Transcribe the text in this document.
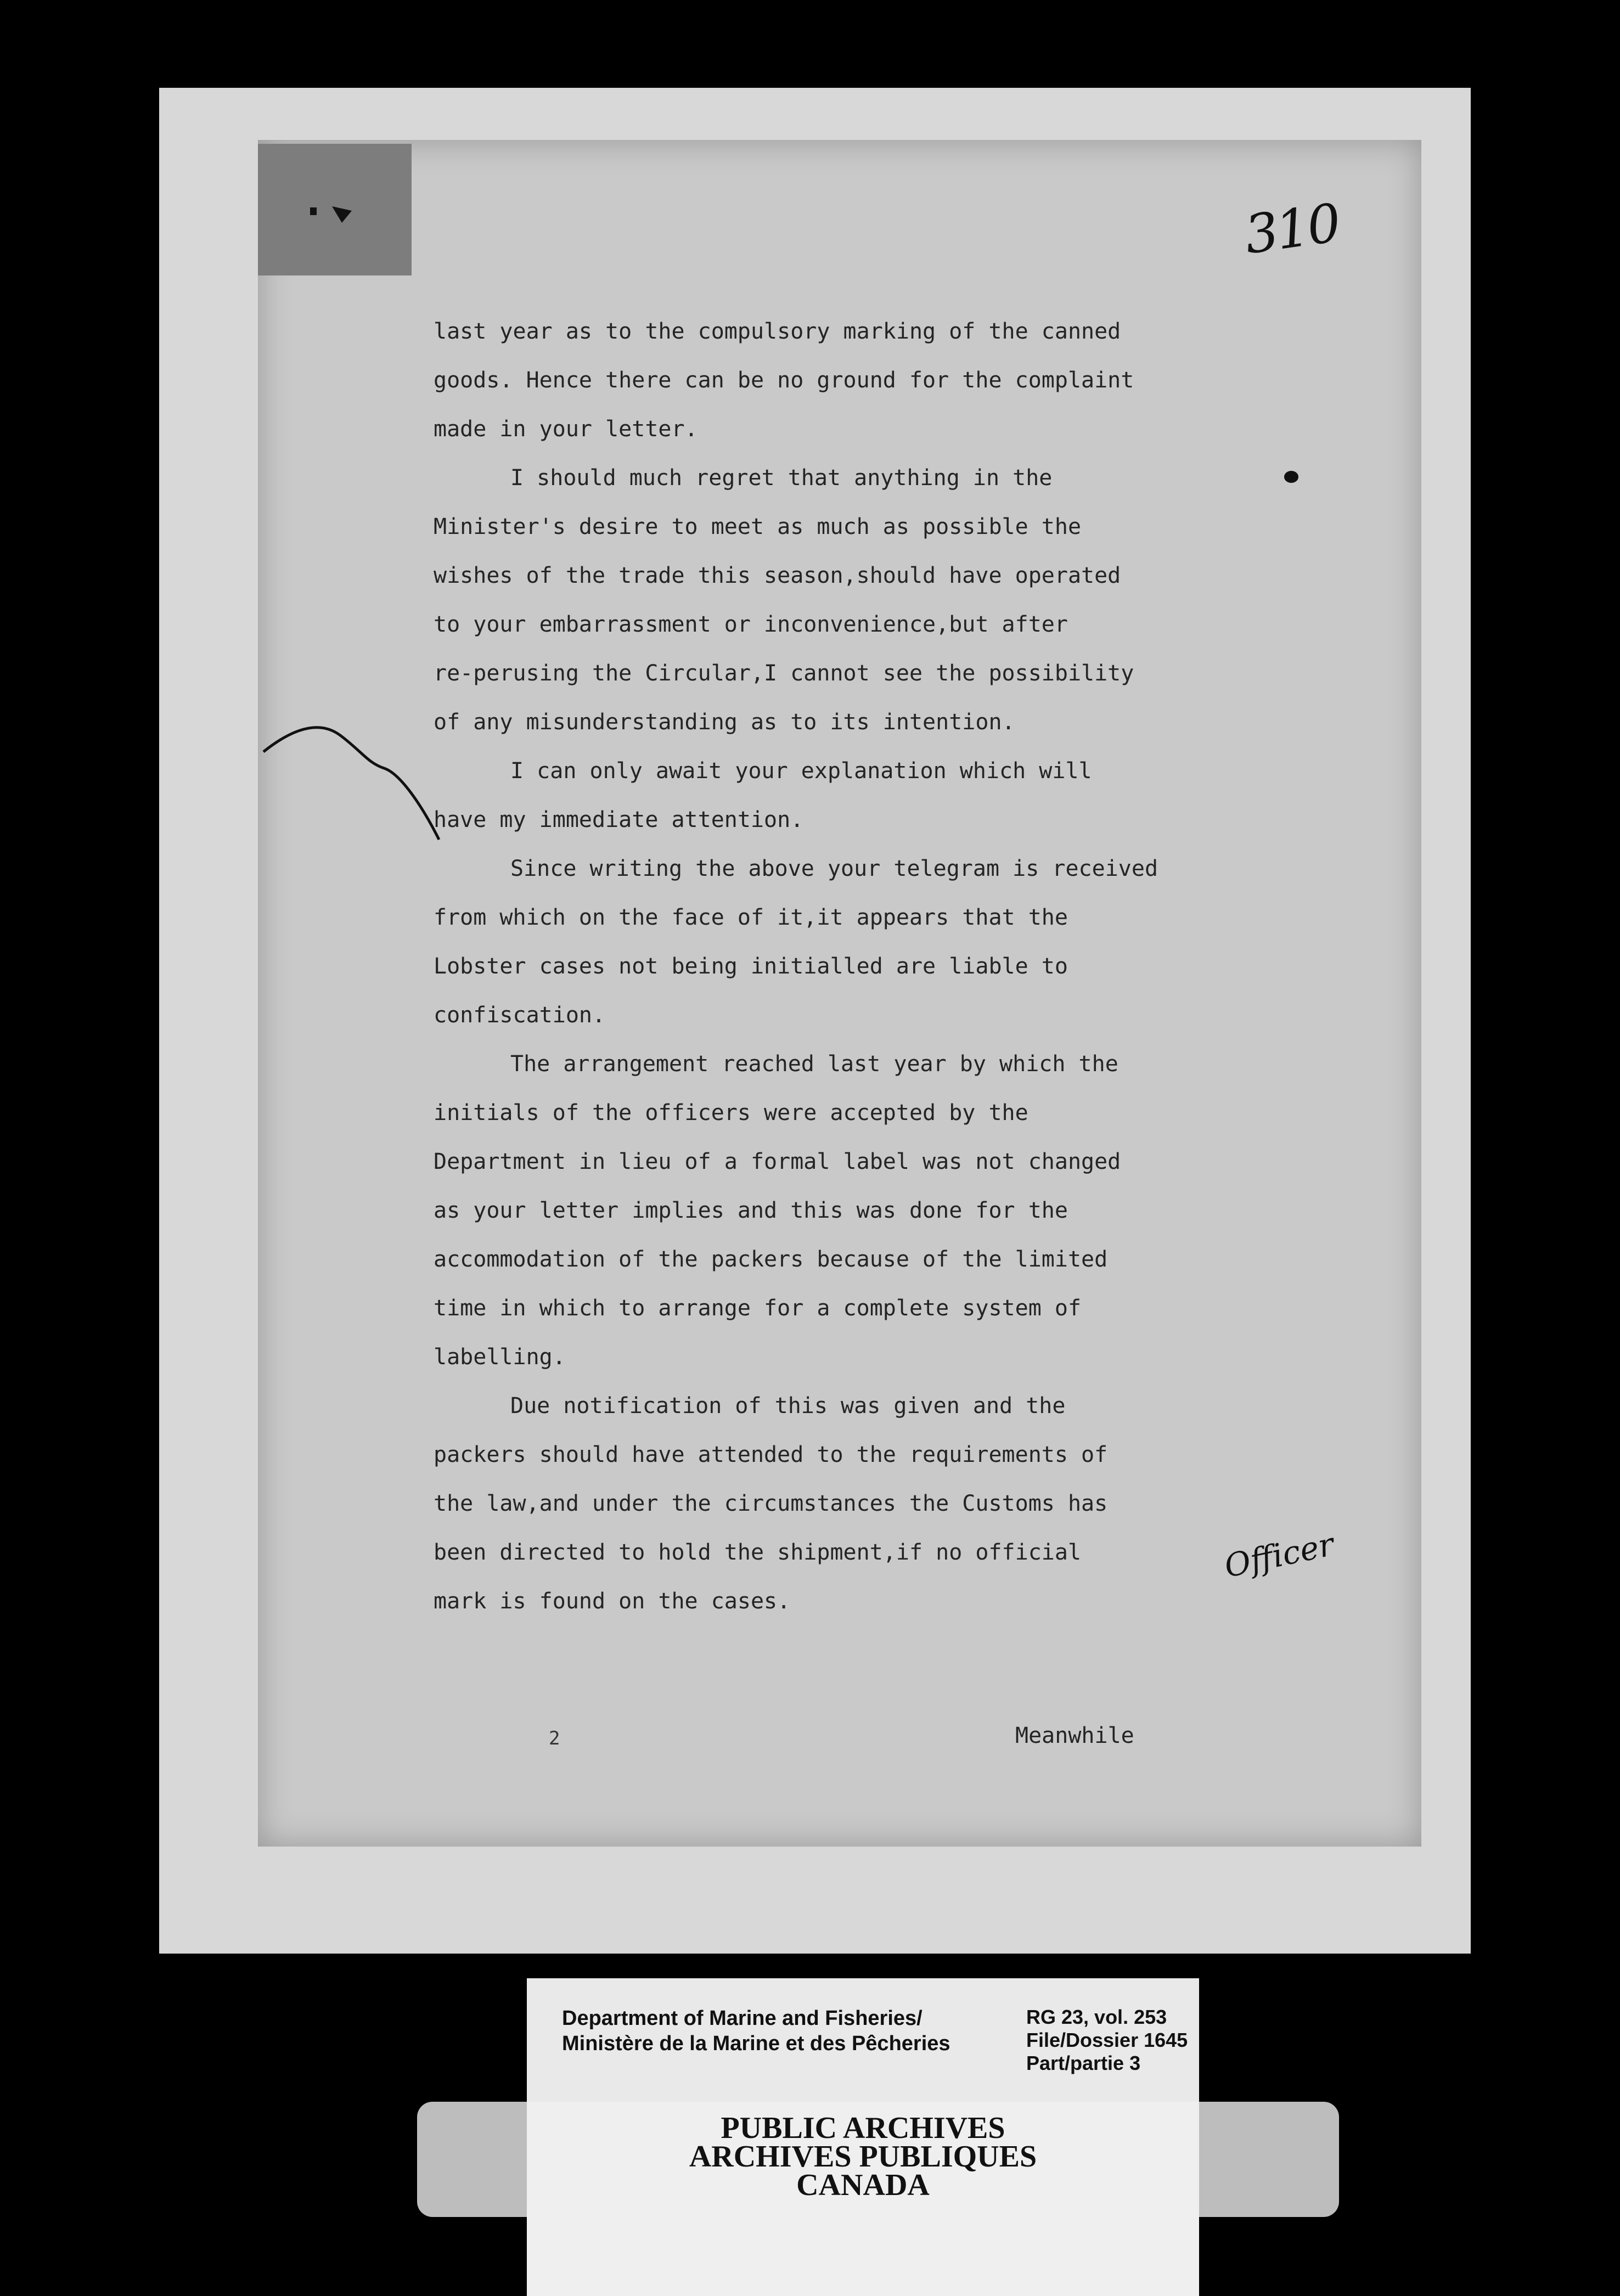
310

last year as to the compulsory marking of the canned

goods. Hence there can be no ground for the complaint

made in your letter.

I should much regret that anything in the

Minister's desire to meet as much as possible the

wishes of the trade this season,should have operated

to your embarrassment or inconvenience,but after

re-perusing the Circular,I cannot see the possibility

of any misunderstanding as to its intention.

I can only await your explanation which will

have my immediate attention.

Since writing the above your telegram is received

from which on the face of it,it appears that the

Lobster cases not being initialled are liable to

confiscation.

The arrangement reached last year by which the

initials of the officers were accepted by the

Department in lieu of a formal label was not changed

as your letter implies and this was done for the

accommodation of the packers because of the limited

time in which to arrange for a complete system of

labelling.

Due notification of this was given and the

packers should have attended to the requirements of

the law,and under the circumstances the Customs has

been directed to hold the shipment,if no official

mark is found on the cases.

2	Meanwhile
Officer
Department of Marine and Fisheries/
Ministère de la Marine et des Pêcheries
RG 23, vol. 253
File/Dossier 1645
Part/partie 3
PUBLIC ARCHIVES
ARCHIVES PUBLIQUES
CANADA
